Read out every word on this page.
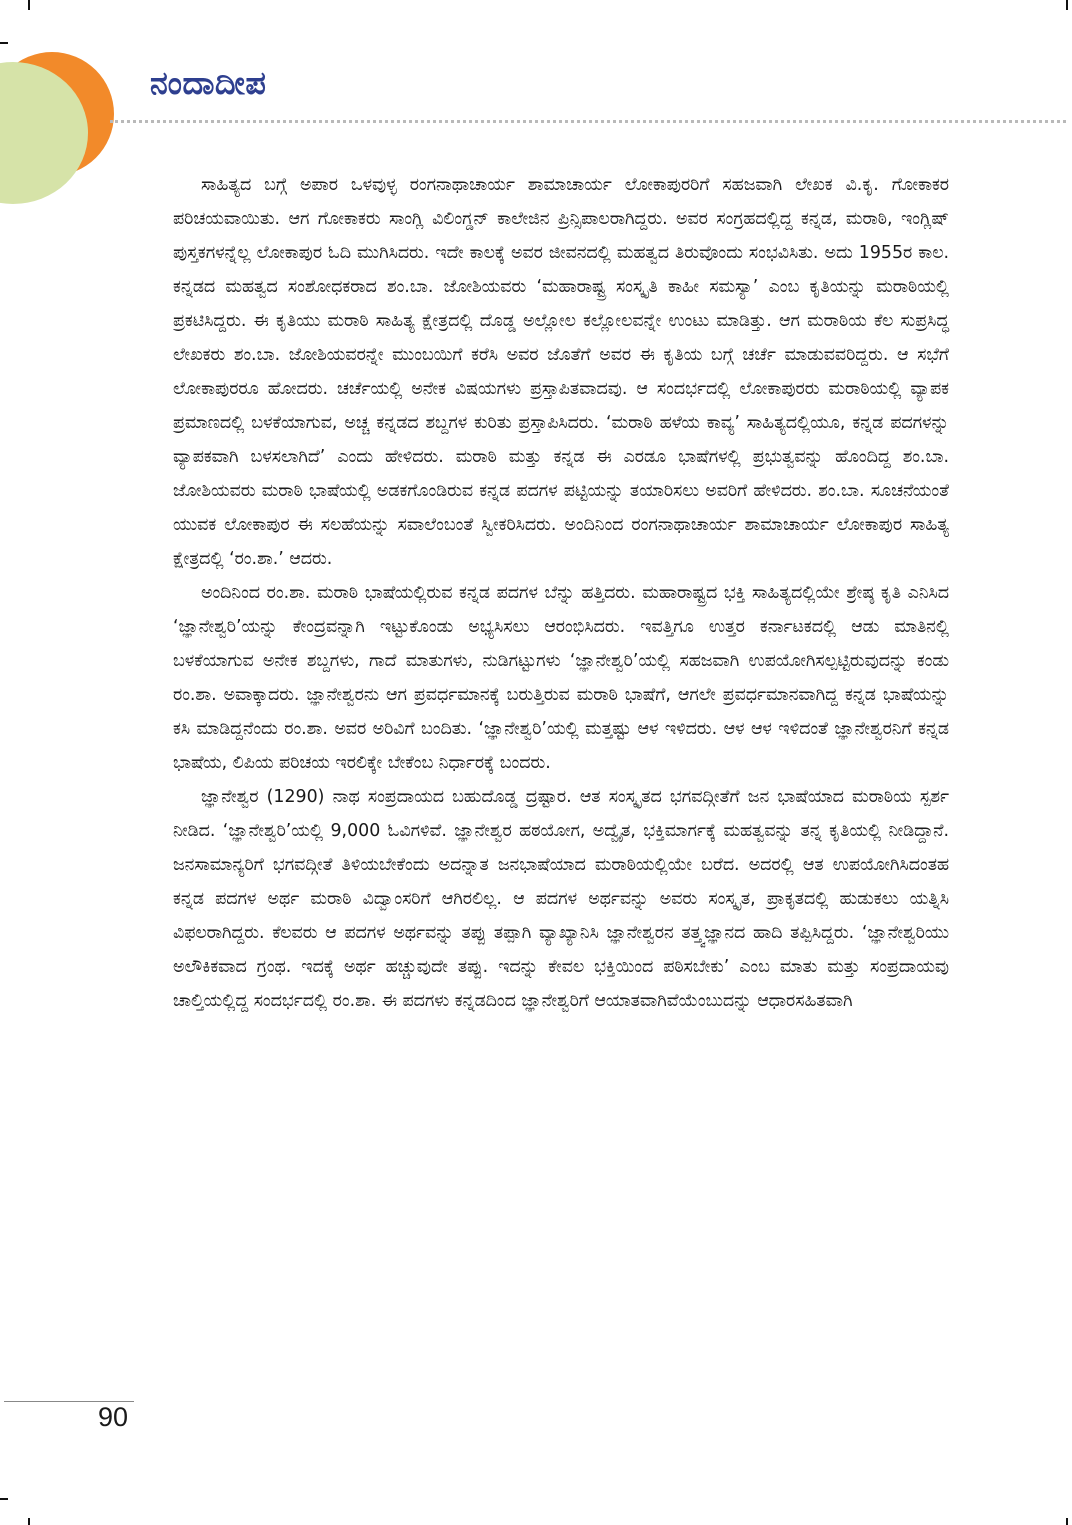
ನಂದಾದೀಪ

ಸಾಹಿತ್ಯದ ಬಗ್ಗೆ ಅಪಾರ ಒಳವುಳ್ಳ ರಂಗನಾಥಾಚಾರ್ಯ ಶಾಮಾಚಾರ್ಯ ಲೋಕಾಪುರರಿಗೆ ಸಹಜವಾಗಿ ಲೇಖಕ ವಿ.ಕೃ. ಗೋಕಾಕರ ಪರಿಚಯವಾಯಿತು. ಆಗ ಗೋಕಾಕರು ಸಾಂಗ್ಲಿ ವಿಲಿಂಗ್ಡನ್ ಕಾಲೇಜಿನ ಪ್ರಿನ್ಸಿಪಾಲರಾಗಿದ್ದರು. ಅವರ ಸಂಗ್ರಹದಲ್ಲಿದ್ದ ಕನ್ನಡ, ಮರಾಠಿ, ಇಂಗ್ಲಿಷ್ ಪುಸ್ತಕಗಳನ್ನೆಲ್ಲ ಲೋಕಾಪುರ ಓದಿ ಮುಗಿಸಿದರು. ಇದೇ ಕಾಲಕ್ಕೆ ಅವರ ಜೀವನದಲ್ಲಿ ಮಹತ್ವದ ತಿರುವೊಂದು ಸಂಭವಿಸಿತು. ಅದು 1955ರ ಕಾಲ. ಕನ್ನಡದ ಮಹತ್ವದ ಸಂಶೋಧಕರಾದ ಶಂ.ಬಾ. ಜೋಶಿಯವರು ‘ಮಹಾರಾಷ್ಟ್ರ ಸಂಸ್ಕೃತಿ ಕಾಹೀ ಸಮಸ್ಯಾ’ ಎಂಬ ಕೃತಿಯನ್ನು ಮರಾಠಿಯಲ್ಲಿ ಪ್ರಕಟಿಸಿದ್ದರು. ಈ ಕೃತಿಯು ಮರಾಠಿ ಸಾಹಿತ್ಯ ಕ್ಷೇತ್ರದಲ್ಲಿ ದೊಡ್ಡ ಅಲ್ಲೋಲ ಕಲ್ಲೋಲವನ್ನೇ ಉಂಟು ಮಾಡಿತ್ತು. ಆಗ ಮರಾಠಿಯ ಕೆಲ ಸುಪ್ರಸಿದ್ಧ ಲೇಖಕರು ಶಂ.ಬಾ. ಜೋಶಿಯವರನ್ನೇ ಮುಂಬಯಿಗೆ ಕರೆಸಿ ಅವರ ಜೊತೆಗೆ ಅವರ ಈ ಕೃತಿಯ ಬಗ್ಗೆ ಚರ್ಚೆ ಮಾಡುವವರಿದ್ದರು. ಆ ಸಭೆಗೆ ಲೋಕಾಪುರರೂ ಹೋದರು. ಚರ್ಚೆಯಲ್ಲಿ ಅನೇಕ ವಿಷಯಗಳು ಪ್ರಸ್ತಾಪಿತವಾದವು. ಆ ಸಂದರ್ಭದಲ್ಲಿ ಲೋಕಾಪುರರು ಮರಾಠಿಯಲ್ಲಿ ವ್ಯಾಪಕ ಪ್ರಮಾಣದಲ್ಲಿ ಬಳಕೆಯಾಗುವ, ಅಚ್ಚ ಕನ್ನಡದ ಶಬ್ದಗಳ ಕುರಿತು ಪ್ರಸ್ತಾಪಿಸಿದರು. ‘ಮರಾಠಿ ಹಳೆಯ ಕಾವ್ಯ’ ಸಾಹಿತ್ಯದಲ್ಲಿಯೂ, ಕನ್ನಡ ಪದಗಳನ್ನು ವ್ಯಾಪಕವಾಗಿ ಬಳಸಲಾಗಿದೆ’ ಎಂದು ಹೇಳಿದರು. ಮರಾಠಿ ಮತ್ತು ಕನ್ನಡ ಈ ಎರಡೂ ಭಾಷೆಗಳಲ್ಲಿ ಪ್ರಭುತ್ವವನ್ನು ಹೊಂದಿದ್ದ ಶಂ.ಬಾ. ಜೋಶಿಯವರು ಮರಾಠಿ ಭಾಷೆಯಲ್ಲಿ ಅಡಕಗೊಂಡಿರುವ ಕನ್ನಡ ಪದಗಳ ಪಟ್ಟಿಯನ್ನು ತಯಾರಿಸಲು ಅವರಿಗೆ ಹೇಳಿದರು. ಶಂ.ಬಾ. ಸೂಚನೆಯಂತೆ ಯುವಕ ಲೋಕಾಪುರ ಈ ಸಲಹೆಯನ್ನು ಸವಾಲೆಂಬಂತೆ ಸ್ವೀಕರಿಸಿದರು. ಅಂದಿನಿಂದ ರಂಗನಾಥಾಚಾರ್ಯ ಶಾಮಾಚಾರ್ಯ ಲೋಕಾಪುರ ಸಾಹಿತ್ಯ ಕ್ಷೇತ್ರದಲ್ಲಿ ‘ರಂ.ಶಾ.’ ಆದರು.

ಅಂದಿನಿಂದ ರಂ.ಶಾ. ಮರಾಠಿ ಭಾಷೆಯಲ್ಲಿರುವ ಕನ್ನಡ ಪದಗಳ ಬೆನ್ನು ಹತ್ತಿದರು. ಮಹಾರಾಷ್ಟ್ರದ ಭಕ್ತಿ ಸಾಹಿತ್ಯದಲ್ಲಿಯೇ ಶ್ರೇಷ್ಠ ಕೃತಿ ಎನಿಸಿದ ‘ಜ್ಞಾನೇಶ್ವರಿ’ಯನ್ನು ಕೇಂದ್ರವನ್ನಾಗಿ ಇಟ್ಟುಕೊಂಡು ಅಭ್ಯಸಿಸಲು ಆರಂಭಿಸಿದರು. ಇವತ್ತಿಗೂ ಉತ್ತರ ಕರ್ನಾಟಕದಲ್ಲಿ ಆಡು ಮಾತಿನಲ್ಲಿ ಬಳಕೆಯಾಗುವ ಅನೇಕ ಶಬ್ದಗಳು, ಗಾದೆ ಮಾತುಗಳು, ನುಡಿಗಟ್ಟುಗಳು ‘ಜ್ಞಾನೇಶ್ವರಿ’ಯಲ್ಲಿ ಸಹಜವಾಗಿ ಉಪಯೋಗಿಸಲ್ಪಟ್ಟಿರುವುದನ್ನು ಕಂಡು ರಂ.ಶಾ. ಅವಾಕ್ಕಾದರು. ಜ್ಞಾನೇಶ್ವರನು ಆಗ ಪ್ರವರ್ಧಮಾನಕ್ಕೆ ಬರುತ್ತಿರುವ ಮರಾಠಿ ಭಾಷೆಗೆ, ಆಗಲೇ ಪ್ರವರ್ಧಮಾನವಾಗಿದ್ದ ಕನ್ನಡ ಭಾಷೆಯನ್ನು ಕಸಿ ಮಾಡಿದ್ದನೆಂದು ರಂ.ಶಾ. ಅವರ ಅರಿವಿಗೆ ಬಂದಿತು. ‘ಜ್ಞಾನೇಶ್ವರಿ’ಯಲ್ಲಿ ಮತ್ತಷ್ಟು ಆಳ ಇಳಿದರು. ಆಳ ಆಳ ಇಳಿದಂತೆ ಜ್ಞಾನೇಶ್ವರನಿಗೆ ಕನ್ನಡ ಭಾಷೆಯ, ಲಿಪಿಯ ಪರಿಚಯ ಇರಲಿಕ್ಕೇ ಬೇಕೆಂಬ ನಿರ್ಧಾರಕ್ಕೆ ಬಂದರು.

ಜ್ಞಾನೇಶ್ವರ (1290) ನಾಥ ಸಂಪ್ರದಾಯದ ಬಹುದೊಡ್ಡ ದ್ರಷ್ಟಾರ. ಆತ ಸಂಸ್ಕೃತದ ಭಗವದ್ಗೀತೆಗೆ ಜನ ಭಾಷೆಯಾದ ಮರಾಠಿಯ ಸ್ಪರ್ಶ ನೀಡಿದ. ‘ಜ್ಞಾನೇಶ್ವರಿ’ಯಲ್ಲಿ 9,000 ಓವಿಗಳಿವೆ. ಜ್ಞಾನೇಶ್ವರ ಹಠಯೋಗ, ಅದ್ವೈತ, ಭಕ್ತಿಮಾರ್ಗಕ್ಕೆ ಮಹತ್ವವನ್ನು ತನ್ನ ಕೃತಿಯಲ್ಲಿ ನೀಡಿದ್ದಾನೆ. ಜನಸಾಮಾನ್ಯರಿಗೆ ಭಗವದ್ಗೀತೆ ತಿಳಿಯಬೇಕೆಂದು ಅದನ್ನಾತ ಜನಭಾಷೆಯಾದ ಮರಾಠಿಯಲ್ಲಿಯೇ ಬರೆದ. ಅದರಲ್ಲಿ ಆತ ಉಪಯೋಗಿಸಿದಂತಹ ಕನ್ನಡ ಪದಗಳ ಅರ್ಥ ಮರಾಠಿ ವಿದ್ವಾಂಸರಿಗೆ ಆಗಿರಲಿಲ್ಲ. ಆ ಪದಗಳ ಅರ್ಥವನ್ನು ಅವರು ಸಂಸ್ಕೃತ, ಪ್ರಾಕೃತದಲ್ಲಿ ಹುಡುಕಲು ಯತ್ನಿಸಿ ವಿಫಲರಾಗಿದ್ದರು. ಕೆಲವರು ಆ ಪದಗಳ ಅರ್ಥವನ್ನು ತಪ್ಪು ತಪ್ಪಾಗಿ ವ್ಯಾಖ್ಯಾನಿಸಿ ಜ್ಞಾನೇಶ್ವರನ ತತ್ತ್ವಜ್ಞಾನದ ಹಾದಿ ತಪ್ಪಿಸಿದ್ದರು. ‘ಜ್ಞಾನೇಶ್ವರಿಯು ಅಲೌಕಿಕವಾದ ಗ್ರಂಥ. ಇದಕ್ಕೆ ಅರ್ಥ ಹಚ್ಚುವುದೇ ತಪ್ಪು. ಇದನ್ನು ಕೇವಲ ಭಕ್ತಿಯಿಂದ ಪಠಿಸಬೇಕು’ ಎಂಬ ಮಾತು ಮತ್ತು ಸಂಪ್ರದಾಯವು ಚಾಲ್ತಿಯಲ್ಲಿದ್ದ ಸಂದರ್ಭದಲ್ಲಿ ರಂ.ಶಾ. ಈ ಪದಗಳು ಕನ್ನಡದಿಂದ ಜ್ಞಾನೇಶ್ವರಿಗೆ ಆಯಾತವಾಗಿವೆಯೆಂಬುದನ್ನು ಆಧಾರಸಹಿತವಾಗಿ

90
